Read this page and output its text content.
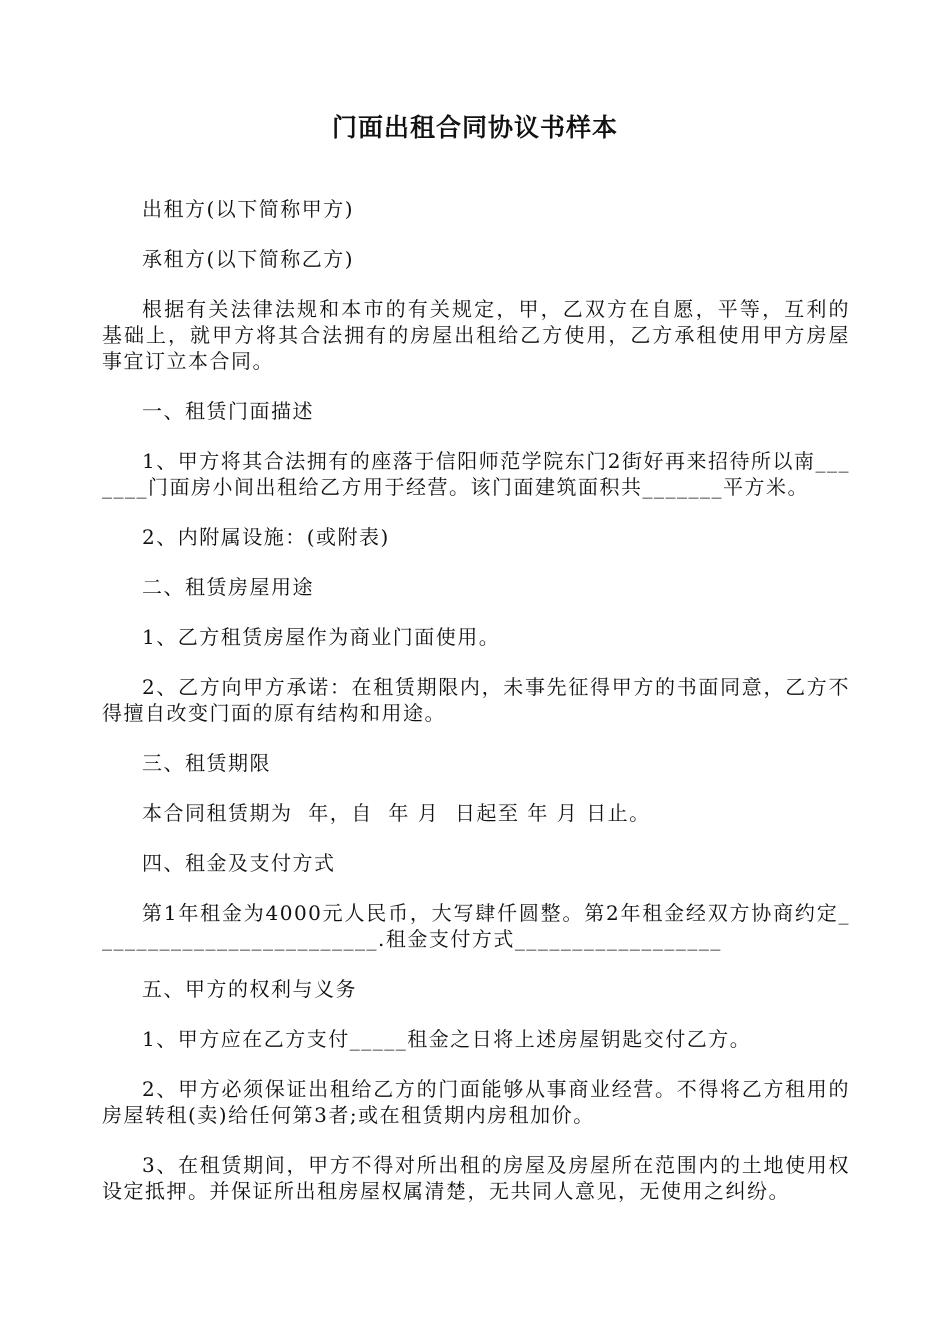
门面出租合同协议书样本

出租方(以下简称甲方)

承租方(以下简称乙方)

根据有关法律法规和本市的有关规定，甲，乙双方在自愿，平等，互利的基础上，就甲方将其合法拥有的房屋出租给乙方使用，乙方承租使用甲方房屋事宜订立本合同。

一、租赁门面描述

1、甲方将其合法拥有的座落于信阳师范学院东门2街好再来招待所以南_______门面房小间出租给乙方用于经营。该门面建筑面积共_______平方米。

2、内附属设施：(或附表)

二、租赁房屋用途

1、乙方租赁房屋作为商业门面使用。

2、乙方向甲方承诺：在租赁期限内，未事先征得甲方的书面同意，乙方不得擅自改变门面的原有结构和用途。

三、租赁期限

本合同租赁期为  年，自  年 月  日起至 年 月 日止。

四、租金及支付方式

第1年租金为4000元人民币，大写肆仟圆整。第2年租金经双方协商约定_________________________.租金支付方式__________________

五、甲方的权利与义务

1、甲方应在乙方支付_____租金之日将上述房屋钥匙交付乙方。

2、甲方必须保证出租给乙方的门面能够从事商业经营。不得将乙方租用的房屋转租(卖)给任何第3者;或在租赁期内房租加价。

3、在租赁期间，甲方不得对所出租的房屋及房屋所在范围内的土地使用权设定抵押。并保证所出租房屋权属清楚，无共同人意见，无使用之纠纷。
